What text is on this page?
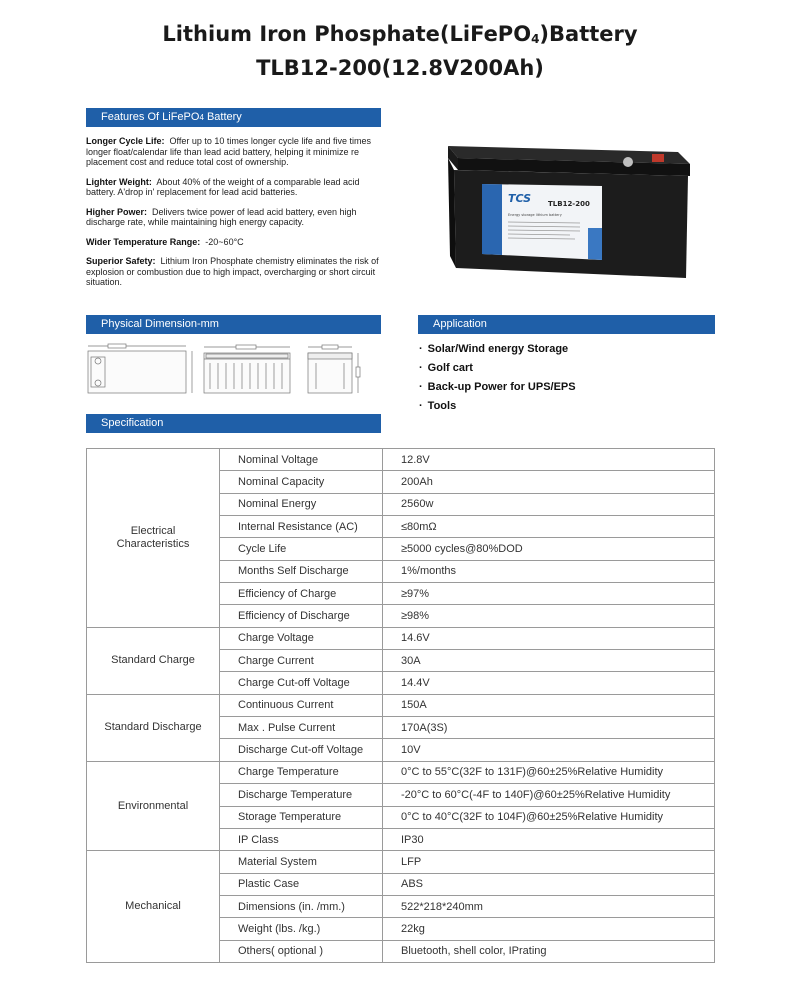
Lithium Iron Phosphate(LiFePO$_4$)Battery
TLB12-200(12.8V200Ah)
Features Of LiFePO4 Battery
Physical Dimension-mm	Application
Specification
Longer Cycle Life: Offer up to 10 times longer cycle life and five times longer float/calendar life than lead acid battery, helping it minimize re placement cost and reduce total cost of ownership.
Lighter Weight: About 40% of the weight of a comparable lead acid battery. A'drop in' replacement for lead acid batteries.
Higher Power: Delivers twice power of lead acid battery, even high discharge rate, while maintaining high energy capacity.
Wider Temperature Range: -20~60°C
Superior Safety: Lithium Iron Phosphate chemistry eliminates the risk of explosion or combustion due to high impact, overcharging or short circuit situation.
TCS TLB12-200
Energy storage lithium battery
· Solar/Wind energy Storage
· Golf cart
· Back-up Power for UPS/EPS
· Tools
Electrical Characteristics	Nominal Voltage	12.8V
	Nominal Capacity	200Ah
	Nominal Energy	2560w
	Internal Resistance (AC)	≤80mΩ
	Cycle Life	≥5000 cycles@80%DOD
	Months Self Discharge	1%/months
	Efficiency of Charge	≥97%
	Efficiency of Discharge	≥98%
Standard Charge	Charge Voltage	14.6V
	Charge Current	30A
	Charge Cut-off Voltage	14.4V
Standard Discharge	Continuous Current	150A
	Max . Pulse Current	170A(3S)
	Discharge Cut-off Voltage	10V
Environmental	Charge Temperature	0°C to 55°C(32F to 131F)@60±25%Relative Humidity
	Discharge Temperature	-20°C to 60°C(-4F to 140F)@60±25%Relative Humidity
	Storage Temperature	0°C to 40°C(32F to 104F)@60±25%Relative Humidity
	IP Class	IP30
Mechanical	Material System	LFP
	Plastic Case	ABS
	Dimensions (in. /mm.)	522*218*240mm
	Weight (lbs. /kg.)	22kg
	Others( optional )	Bluetooth, shell color, IPrating
